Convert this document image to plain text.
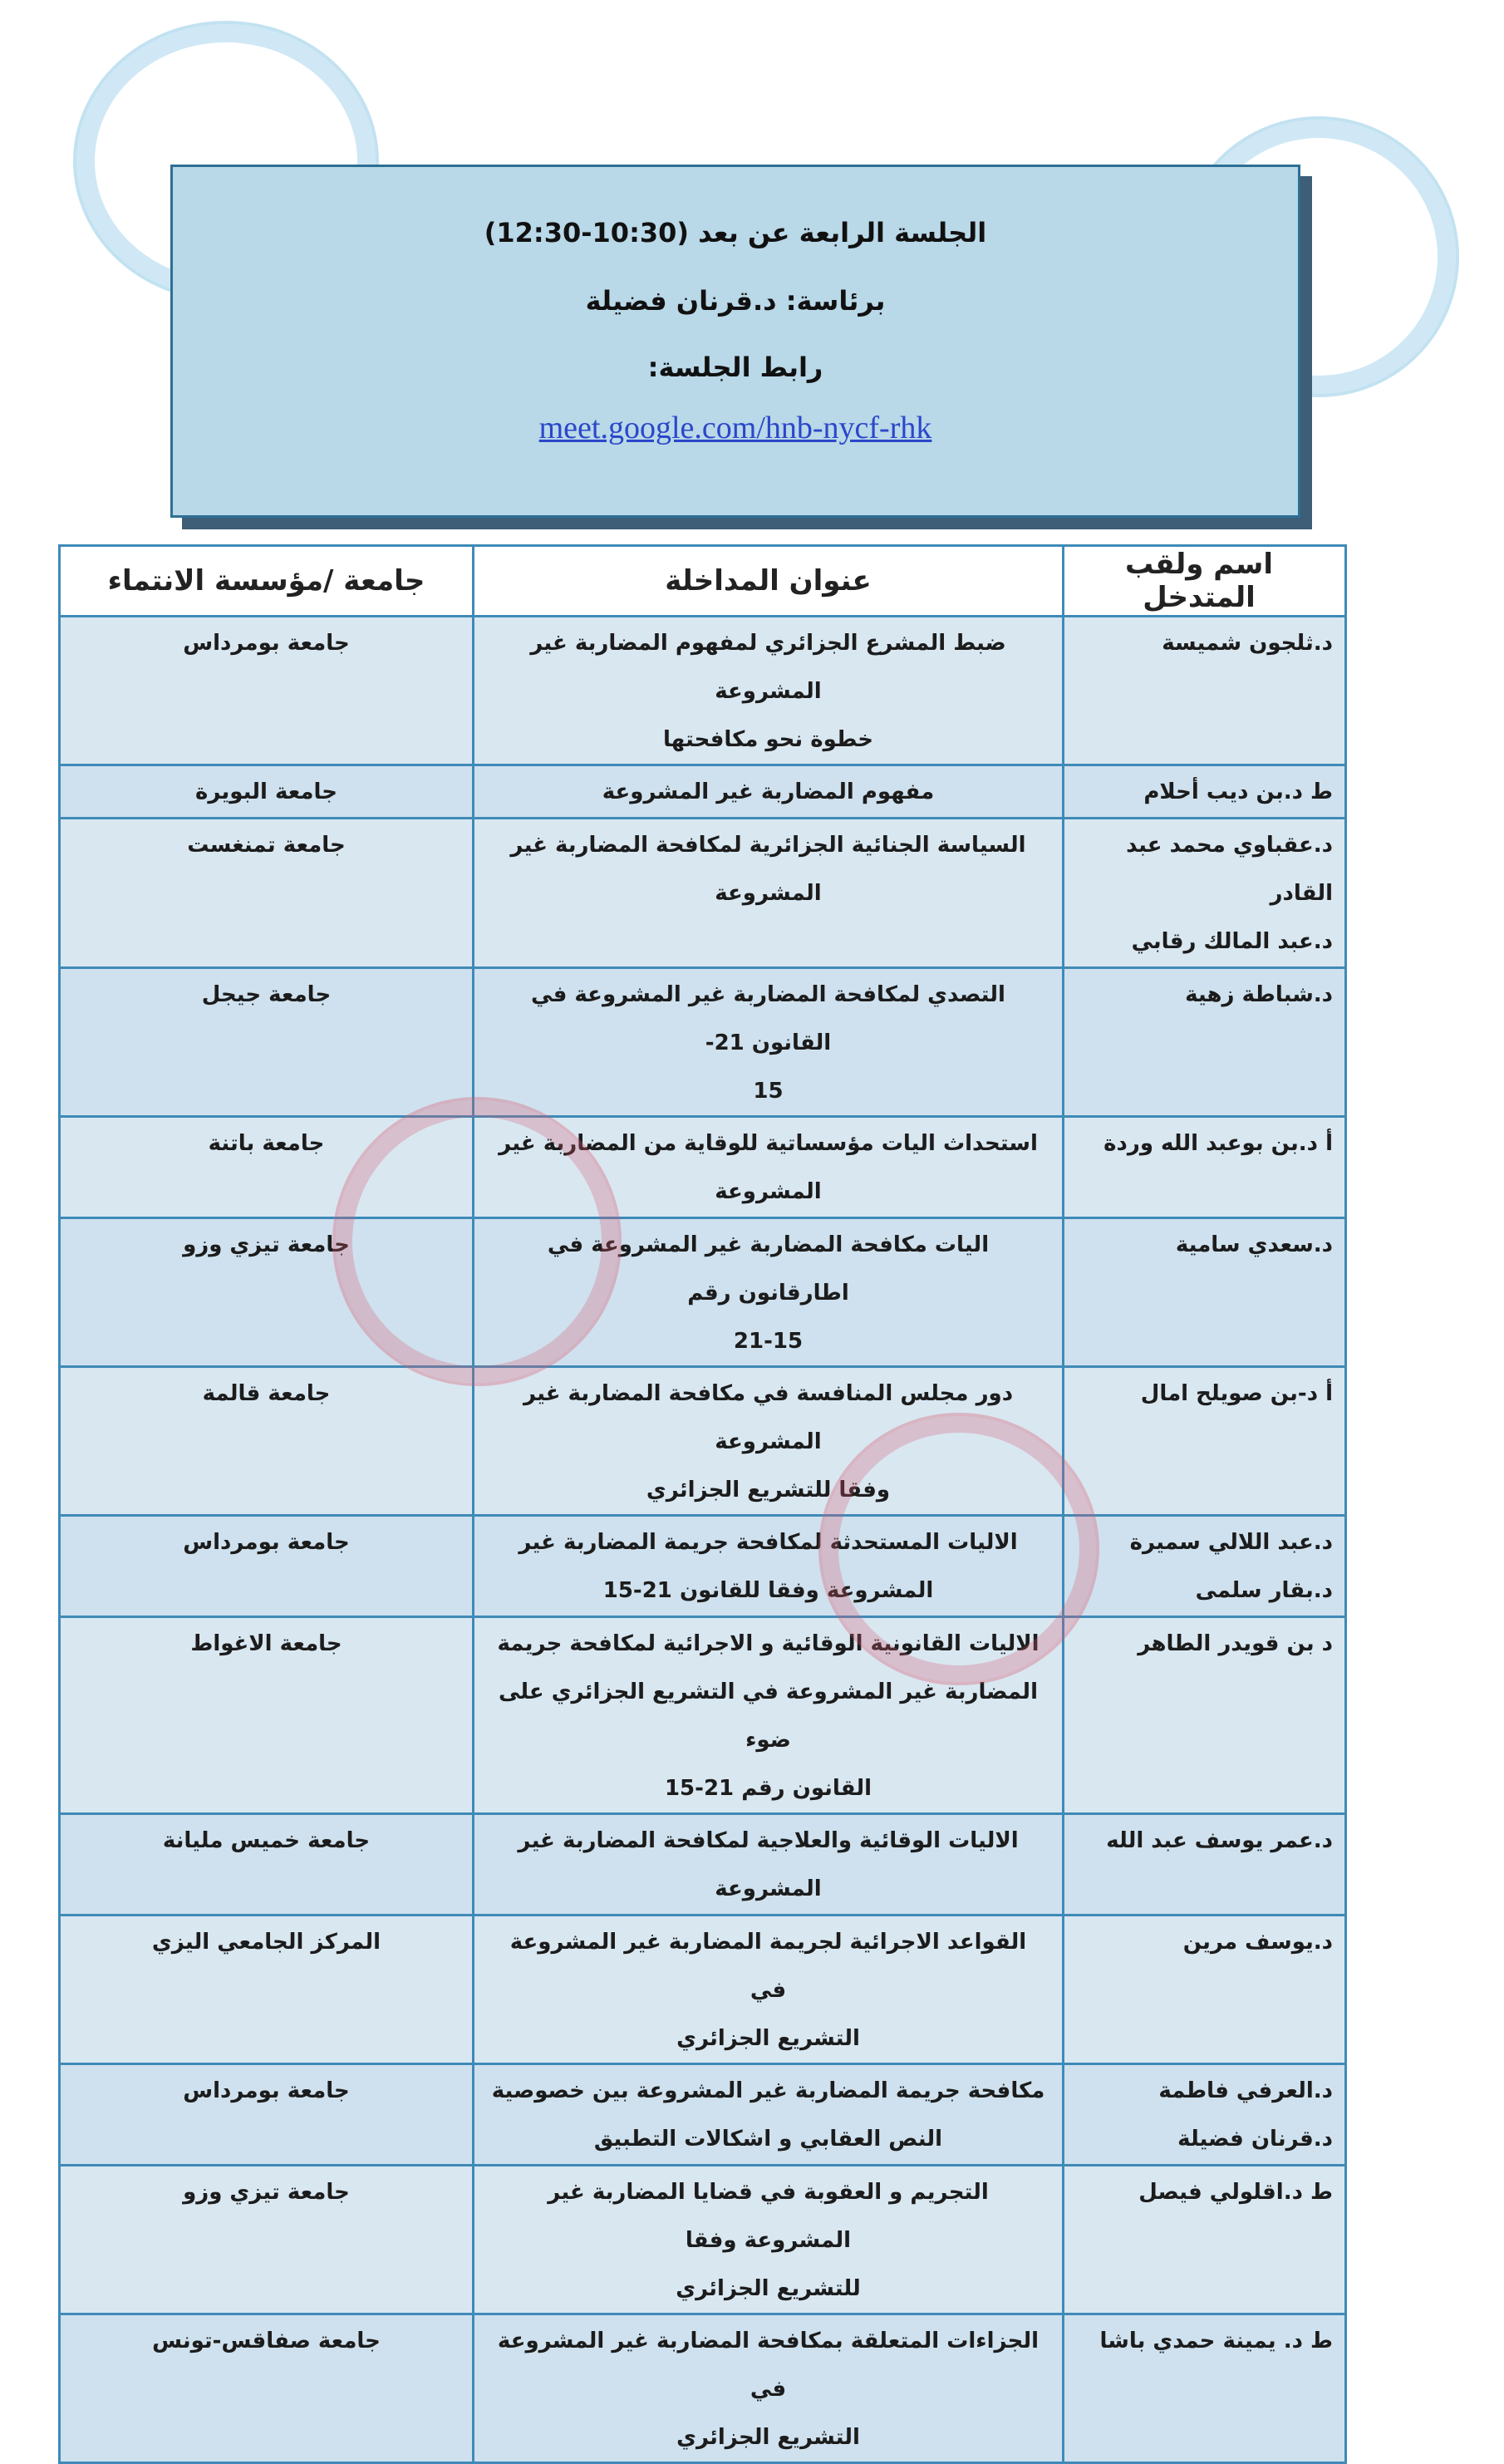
الجلسة الرابعة عن بعد (10:30-12:30)
برئاسة: د.قرنان فضيلة
رابط الجلسة:
meet.google.com/hnb-nycf-rhk
اسم ولقب المتدخل	عنوان المداخلة	جامعة /مؤسسة الانتماء

د.ثلجون شميسة	ضبط المشرع الجزائري لمفهوم المضاربة غير المشروعة
خطوة نحو مكافحتها	جامعة بومرداس

ط د.بن ديب أحلام	مفهوم المضاربة غير المشروعة	جامعة البويرة

د.عقباوي محمد عبد القادر
د.عبد المالك رقابي	السياسة الجنائية الجزائرية لمكافحة المضاربة غير
المشروعة	جامعة تمنغست

د.شباطة زهية	التصدي لمكافحة المضاربة غير المشروعة في القانون 21-
15	جامعة جيجل

أ د.بن بوعبد الله وردة	استحداث اليات مؤسساتية للوقاية من المضاربة غير
المشروعة	جامعة باتنة

د.سعدي سامية	اليات مكافحة المضاربة غير المشروعة في اطارقانون رقم
21-15	جامعة تيزي وزو

أ د-بن صويلح امال	دور مجلس المنافسة في مكافحة المضاربة غير المشروعة
وفقا للتشريع الجزائري	جامعة قالمة

د.عبد اللالي سميرة
د.بقار سلمى	الاليات المستحدثة لمكافحة جريمة المضاربة غير
المشروعة وفقا للقانون 21-15	جامعة بومرداس

د بن قويدر الطاهر	الاليات القانونية الوقائية و الاجرائية لمكافحة جريمة
المضاربة غير المشروعة في التشريع الجزائري على ضوء
القانون رقم 21-15	جامعة الاغواط

د.عمر يوسف عبد الله	الاليات الوقائية والعلاجية لمكافحة المضاربة غير
المشروعة	جامعة خميس مليانة

د.يوسف مرين	القواعد الاجرائية لجريمة المضاربة غير المشروعة في
التشريع الجزائري	المركز الجامعي اليزي

د.العرفي فاطمة
د.قرنان فضيلة	مكافحة جريمة المضاربة غير المشروعة بين خصوصية
النص العقابي و اشكالات التطبيق	جامعة بومرداس

ط د.اقلولي فيصل	التجريم و العقوبة في قضايا المضاربة غير المشروعة وفقا
للتشريع الجزائري	جامعة تيزي وزو

ط د. يمينة حمدي باشا	الجزاءات المتعلقة بمكافحة المضاربة غير المشروعة في
التشريع الجزائري	جامعة صفاقس-تونس
